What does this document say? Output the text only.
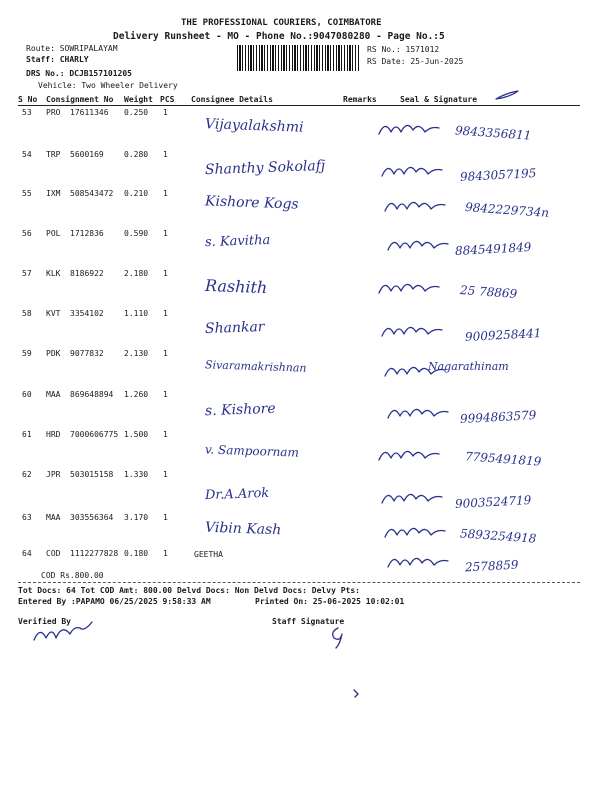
THE PROFESSIONAL COURIERS, COIMBATORE
Delivery Runsheet - MO - Phone No.:9047080280 - Page No.:5
Route: SOWRIPALAYAM
Staff: CHARLY
DRS No.: DCJB157101205
Vehicle: Two Wheeler Delivery
RS No.: 1571012
RS Date: 25-Jun-2025
S No Consignment No Weight PCS Consignee Details	Remarks	Seal & Signature
53 PRO 17611346 0.250 1
Vijayalakshmi	9843356811
54 TRP 5600169	0.280 1
Shanthy Sokolafj	9843057195
55 IXM 508543472 0.210 1	Kishore Kogs	9842229734n
56 POL 1712836	0.590 1	s. Kavitha	8845491849
57 KLK 8186922	2.180 1
Rashith	25 78869
58 KVT 3354102	1.110 1
Shankar	9009258441
59 PDK 9077832	2.130 1
Sivaramakrishnan	Nagarathinam
60 MAA 869648894 1.260 1
s. Kishore	9994863579
61 HRD 7000606775 1.500 1
v. Sampoornam	7795491819
62 JPR 503015158 1.330 1
Dr.A.Arok	9003524719
63 MAA 303556364 3.170 1
Vibin Kash	5893254918
64 COD 1112277828 0.180 1	GEETHA
2578859
COD Rs.800.00
Tot Docs: 64 Tot COD Amt: 800.00 Delvd Docs: Non Delvd Docs: Delvy Pts:
Entered By :PAPAMO 06/25/2025 9:58:33 AM	Printed On: 25-06-2025 10:02:01
Verified By	Staff Signature
